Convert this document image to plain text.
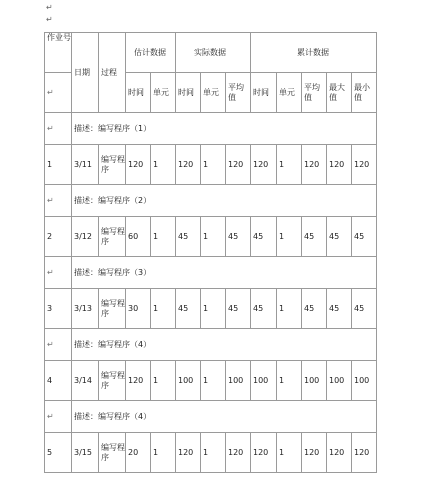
↵
↵
作业号	日期	过程	估计数据		实际数据			累计数据				
↵			时间	单元	时间	单元	平均值	时间	单元	平均值	最大值	最小值
↵	描述：编写程序（1）											
1	3/11	编写程序	120	1	120	1	120	120	1	120	120	120
↵	描述：编写程序（2）											
2	3/12	编写程序	60	1	45	1	45	45	1	45	45	45
↵	描述：编写程序（3）											
3	3/13	编写程序	30	1	45	1	45	45	1	45	45	45
↵	描述：编写程序（4）											
4	3/14	编写程序	120	1	100	1	100	100	1	100	100	100
↵	描述：编写程序（4）											
5	3/15	编写程序	20	1	120	1	120	120	1	120	120	120
